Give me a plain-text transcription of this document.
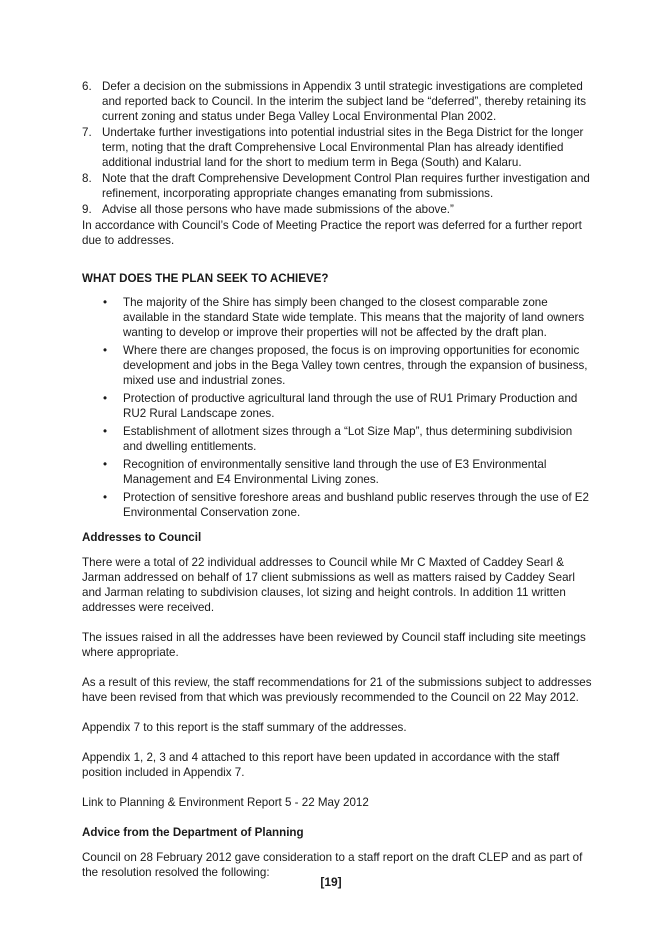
6. Defer a decision on the submissions in Appendix 3 until strategic investigations are completed and reported back to Council. In the interim the subject land be “deferred”, thereby retaining its current zoning and status under Bega Valley Local Environmental Plan 2002.
7. Undertake further investigations into potential industrial sites in the Bega District for the longer term, noting that the draft Comprehensive Local Environmental Plan has already identified additional industrial land for the short to medium term in Bega (South) and Kalaru.
8. Note that the draft Comprehensive Development Control Plan requires further investigation and refinement, incorporating appropriate changes emanating from submissions.
9. Advise all those persons who have made submissions of the above.”

In accordance with Council’s Code of Meeting Practice the report was deferred for a further report due to addresses.

WHAT DOES THE PLAN SEEK TO ACHIEVE?
• The majority of the Shire has simply been changed to the closest comparable zone available in the standard State wide template. This means that the majority of land owners wanting to develop or improve their properties will not be affected by the draft plan.
• Where there are changes proposed, the focus is on improving opportunities for economic development and jobs in the Bega Valley town centres, through the expansion of business, mixed use and industrial zones.
• Protection of productive agricultural land through the use of RU1 Primary Production and RU2 Rural Landscape zones.
• Establishment of allotment sizes through a “Lot Size Map”, thus determining subdivision and dwelling entitlements.
• Recognition of environmentally sensitive land through the use of E3 Environmental Management and E4 Environmental Living zones.
• Protection of sensitive foreshore areas and bushland public reserves through the use of E2 Environmental Conservation zone.
Addresses to Council

There were a total of 22 individual addresses to Council while Mr C Maxted of Caddey Searl & Jarman addressed on behalf of 17 client submissions as well as matters raised by Caddey Searl and Jarman relating to subdivision clauses, lot sizing and height controls. In addition 11 written addresses were received.

The issues raised in all the addresses have been reviewed by Council staff including site meetings where appropriate.

As a result of this review, the staff recommendations for 21 of the submissions subject to addresses have been revised from that which was previously recommended to the Council on 22 May 2012.

Appendix 7 to this report is the staff summary of the addresses.

Appendix 1, 2, 3 and 4 attached to this report have been updated in accordance with the staff position included in Appendix 7.

Link to Planning & Environment Report 5 - 22 May 2012

Advice from the Department of Planning

Council on 28 February 2012 gave consideration to a staff report on the draft CLEP and as part of the resolution resolved the following:

[19]
